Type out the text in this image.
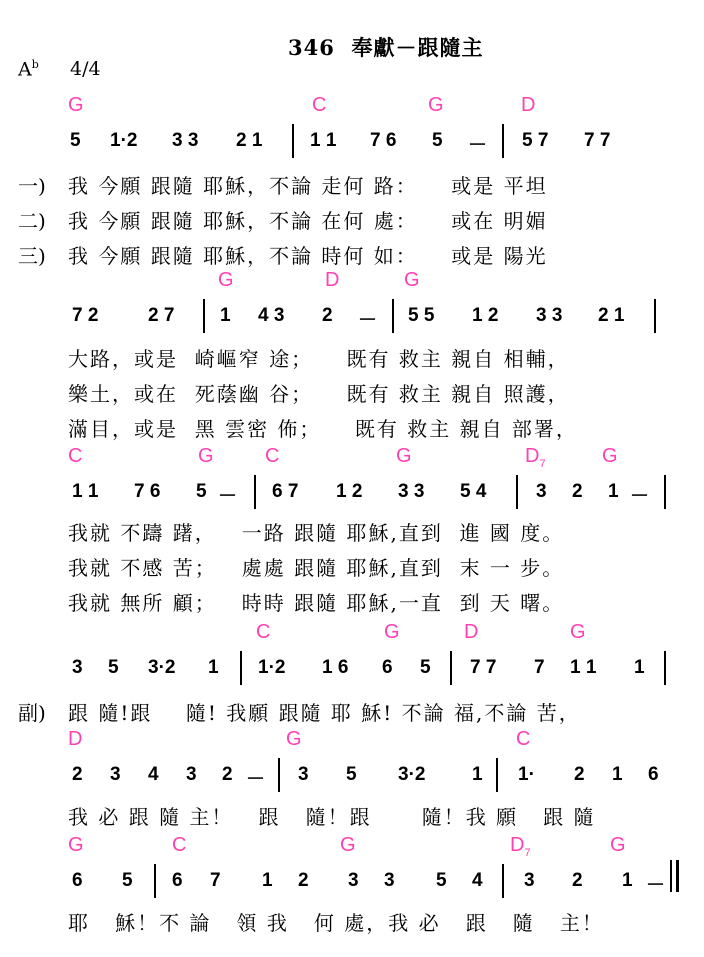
346  奉獻－跟隨主
$A^b$ 4/4
G	C	G	D
5 1·2 3 3 2 1	1 1 7 6 5 － 5 7 7 7
一) 我 今願 跟隨 耶穌，不論 走何 路：    或是 平坦
二) 我 今願 跟隨 耶穌，不論 在何 處：    或在 明媚
三) 我 今願 跟隨 耶穌，不論 時何 如：    或是 陽光
G	D	G
7 2	2 7 1 4 3 2 － 5 5 1 2 3 3 2 1
大路，或是  崎嶇窄 途；    既有 救主 親自 相輔，
樂土，或在  死蔭幽 谷；    既有 救主 親自 照護，
滿目，或是  黑 雲密 佈；    既有 救主 親自 部署，
C	G	C	G	$D_7$	G
1 1 7 6 5 － 6 7 1 2 3 3 5 4	3 2 1 －
我就 不躊 躇，   一路 跟隨 耶穌,直到  進 國 度。
我就 不感 苦；   處處 跟隨 耶穌,直到  末 一 步。
我就 無所 顧；   時時 跟隨 耶穌,一直  到 天 曙。
C	G	D	G
3 5 3·2 1 1·2 1 6 6 5 7 7 7 1 1 1
副) 跟 隨!跟    隨! 我願 跟隨 耶 穌! 不論 福,不論 苦，
D	G	C
2 3 4 3 2 － 3 5 3·2 1 1· 2 1 6
我 必 跟 隨 主！   跟   隨！跟      隨！我 願   跟 隨
G	C	G	$D_7$	G
6 5 6 7 1 2 3 3 5 4 3 2 1 －
耶   穌！不 論   領 我   何 處，我 必   跟   隨   主！
